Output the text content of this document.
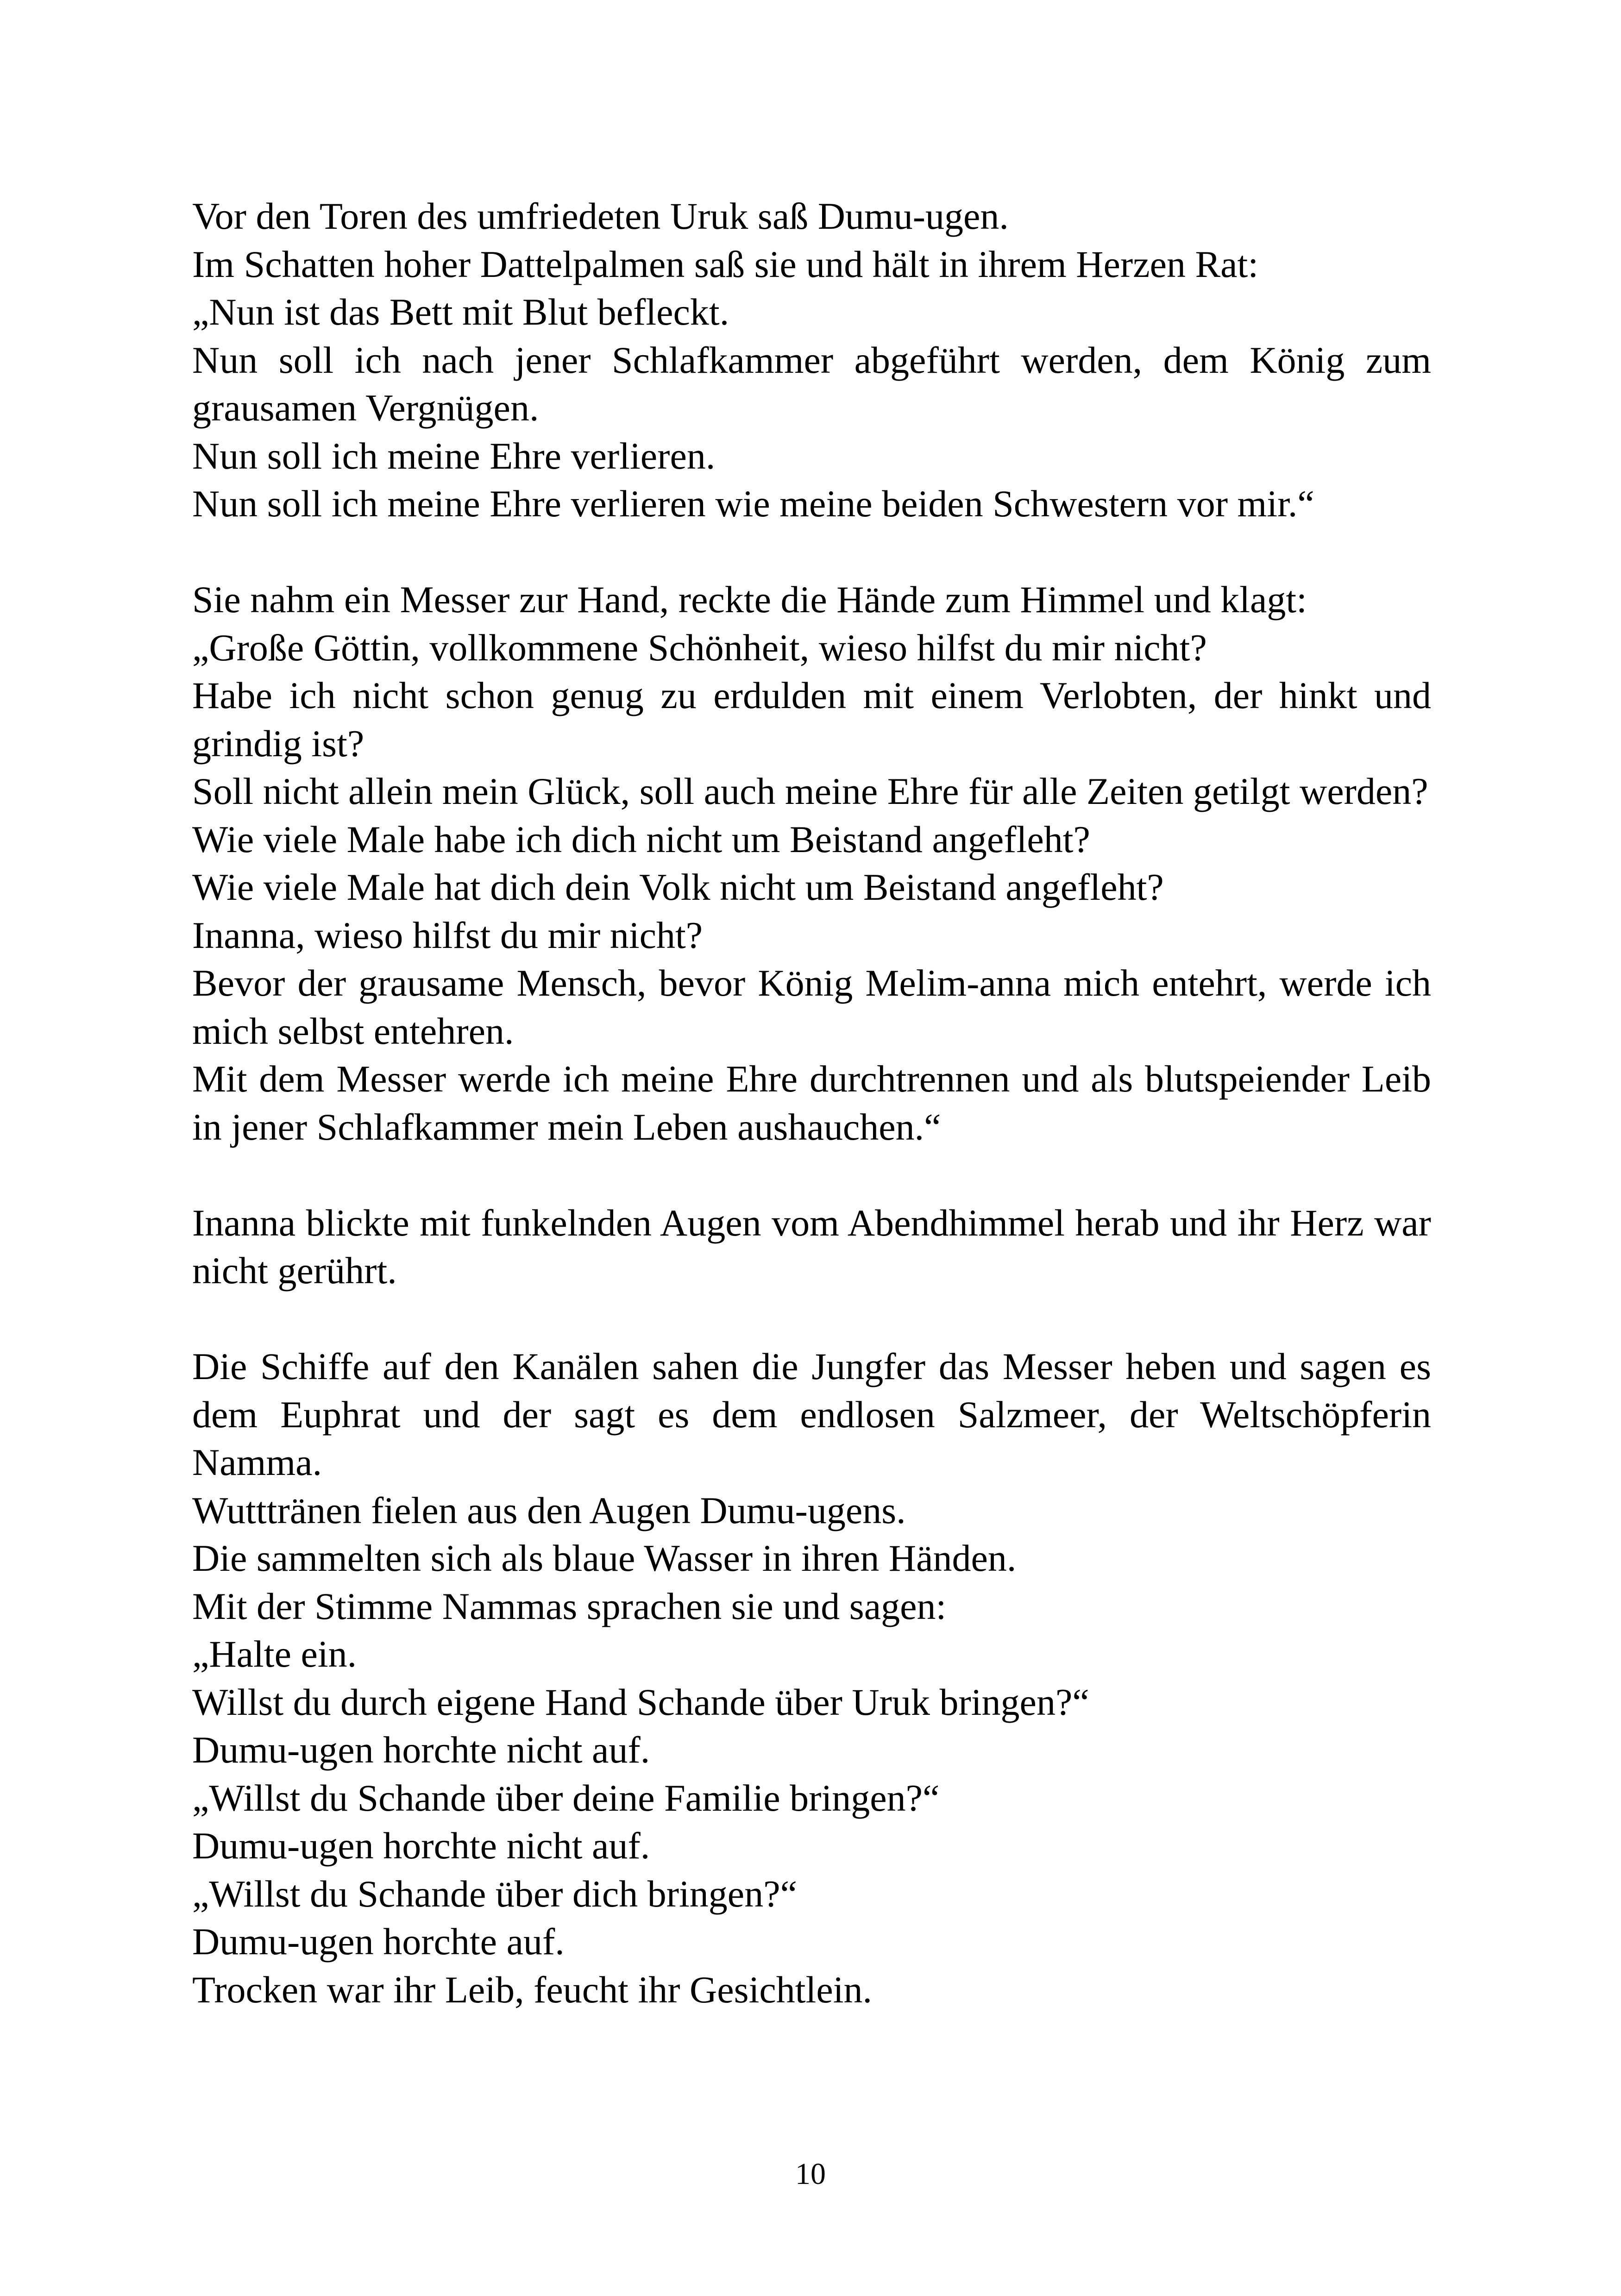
Vor den Toren des umfriedeten Uruk saß Dumu-ugen.

Im Schatten hoher Dattelpalmen saß sie und hält in ihrem Herzen Rat:

„Nun ist das Bett mit Blut befleckt.

Nun soll ich nach jener Schlafkammer abgeführt werden, dem König zum grausamen Vergnügen.

Nun soll ich meine Ehre verlieren.

Nun soll ich meine Ehre verlieren wie meine beiden Schwestern vor mir.“

Sie nahm ein Messer zur Hand, reckte die Hände zum Himmel und klagt:

„Große Göttin, vollkommene Schönheit, wieso hilfst du mir nicht?

Habe ich nicht schon genug zu erdulden mit einem Verlobten, der hinkt und grindig ist?

Soll nicht allein mein Glück, soll auch meine Ehre für alle Zeiten getilgt werden?

Wie viele Male habe ich dich nicht um Beistand angefleht?

Wie viele Male hat dich dein Volk nicht um Beistand angefleht?

Inanna, wieso hilfst du mir nicht?

Bevor der grausame Mensch, bevor König Melim-anna mich entehrt, werde ich mich selbst entehren.

Mit dem Messer werde ich meine Ehre durchtrennen und als blutspeiender Leib in jener Schlafkammer mein Leben aushauchen.“

Inanna blickte mit funkelnden Augen vom Abendhimmel herab und ihr Herz war nicht gerührt.

Die Schiffe auf den Kanälen sahen die Jungfer das Messer heben und sagen es dem Euphrat und der sagt es dem endlosen Salzmeer, der Weltschöpferin Namma.

Wutttränen fielen aus den Augen Dumu-ugens.

Die sammelten sich als blaue Wasser in ihren Händen.

Mit der Stimme Nammas sprachen sie und sagen:

„Halte ein.

Willst du durch eigene Hand Schande über Uruk bringen?“

Dumu-ugen horchte nicht auf.

„Willst du Schande über deine Familie bringen?“

Dumu-ugen horchte nicht auf.

„Willst du Schande über dich bringen?“

Dumu-ugen horchte auf.

Trocken war ihr Leib, feucht ihr Gesichtlein.

10
